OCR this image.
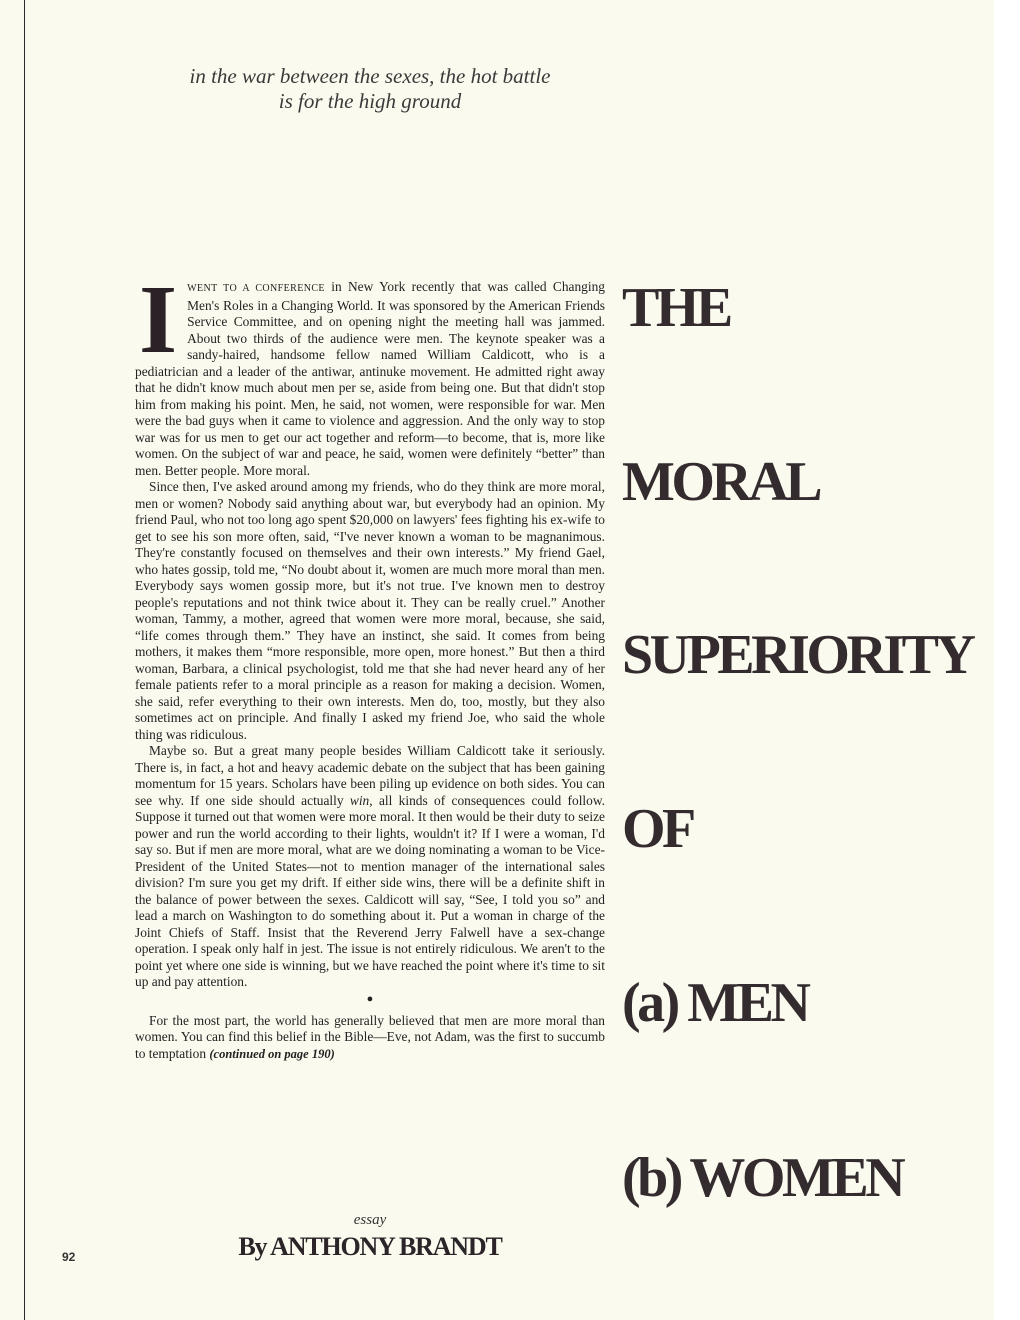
in the war between the sexes, the hot battle
is for the high ground

I WENT TO A CONFERENCE in New York recently that was called Changing Men's Roles in a Changing World. It was sponsored by the American Friends Service Committee, and on opening night the meeting hall was jammed. About two thirds of the audience were men. The keynote speaker was a sandy-haired, handsome fellow named William Caldicott, who is a pediatrician and a leader of the antiwar, antinuke movement. He admitted right away that he didn't know much about men per se, aside from being one. But that didn't stop him from making his point. Men, he said, not women, were responsible for war. Men were the bad guys when it came to violence and aggression. And the only way to stop war was for us men to get our act together and reform—to become, that is, more like women. On the subject of war and peace, he said, women were definitely “better” than men. Better people. More moral.

Since then, I've asked around among my friends, who do they think are more moral, men or women? Nobody said anything about war, but everybody had an opinion. My friend Paul, who not too long ago spent $20,000 on lawyers' fees fighting his ex-wife to get to see his son more often, said, “I've never known a woman to be magnanimous. They're constantly focused on themselves and their own interests.” My friend Gael, who hates gossip, told me, “No doubt about it, women are much more moral than men. Everybody says women gossip more, but it's not true. I've known men to destroy people's reputations and not think twice about it. They can be really cruel.” Another woman, Tammy, a mother, agreed that women were more moral, because, she said, “life comes through them.” They have an instinct, she said. It comes from being mothers, it makes them “more responsible, more open, more honest.” But then a third woman, Barbara, a clinical psychologist, told me that she had never heard any of her female patients refer to a moral principle as a reason for making a decision. Women, she said, refer everything to their own interests. Men do, too, mostly, but they also sometimes act on principle. And finally I asked my friend Joe, who said the whole thing was ridiculous.

Maybe so. But a great many people besides William Caldicott take it seriously. There is, in fact, a hot and heavy academic debate on the subject that has been gaining momentum for 15 years. Scholars have been piling up evidence on both sides. You can see why. If one side should actually win, all kinds of consequences could follow. Suppose it turned out that women were more moral. It then would be their duty to seize power and run the world according to their lights, wouldn't it? If I were a woman, I'd say so. But if men are more moral, what are we doing nominating a woman to be Vice-President of the United States—not to mention manager of the international sales division? I'm sure you get my drift. If either side wins, there will be a definite shift in the balance of power between the sexes. Caldicott will say, “See, I told you so” and lead a march on Washington to do something about it. Put a woman in charge of the Joint Chiefs of Staff. Insist that the Reverend Jerry Falwell have a sex-change operation. I speak only half in jest. The issue is not entirely ridiculous. We aren't to the point yet where one side is winning, but we have reached the point where it's time to sit up and pay attention.

●

For the most part, the world has generally believed that men are more moral than women. You can find this belief in the Bible—Eve, not Adam, was the first to succumb to temptation (continued on page 190)

THE
MORAL
SUPERIORITY
OF
(a) MEN
(b) WOMEN
essay
By ANTHONY BRANDT
92
